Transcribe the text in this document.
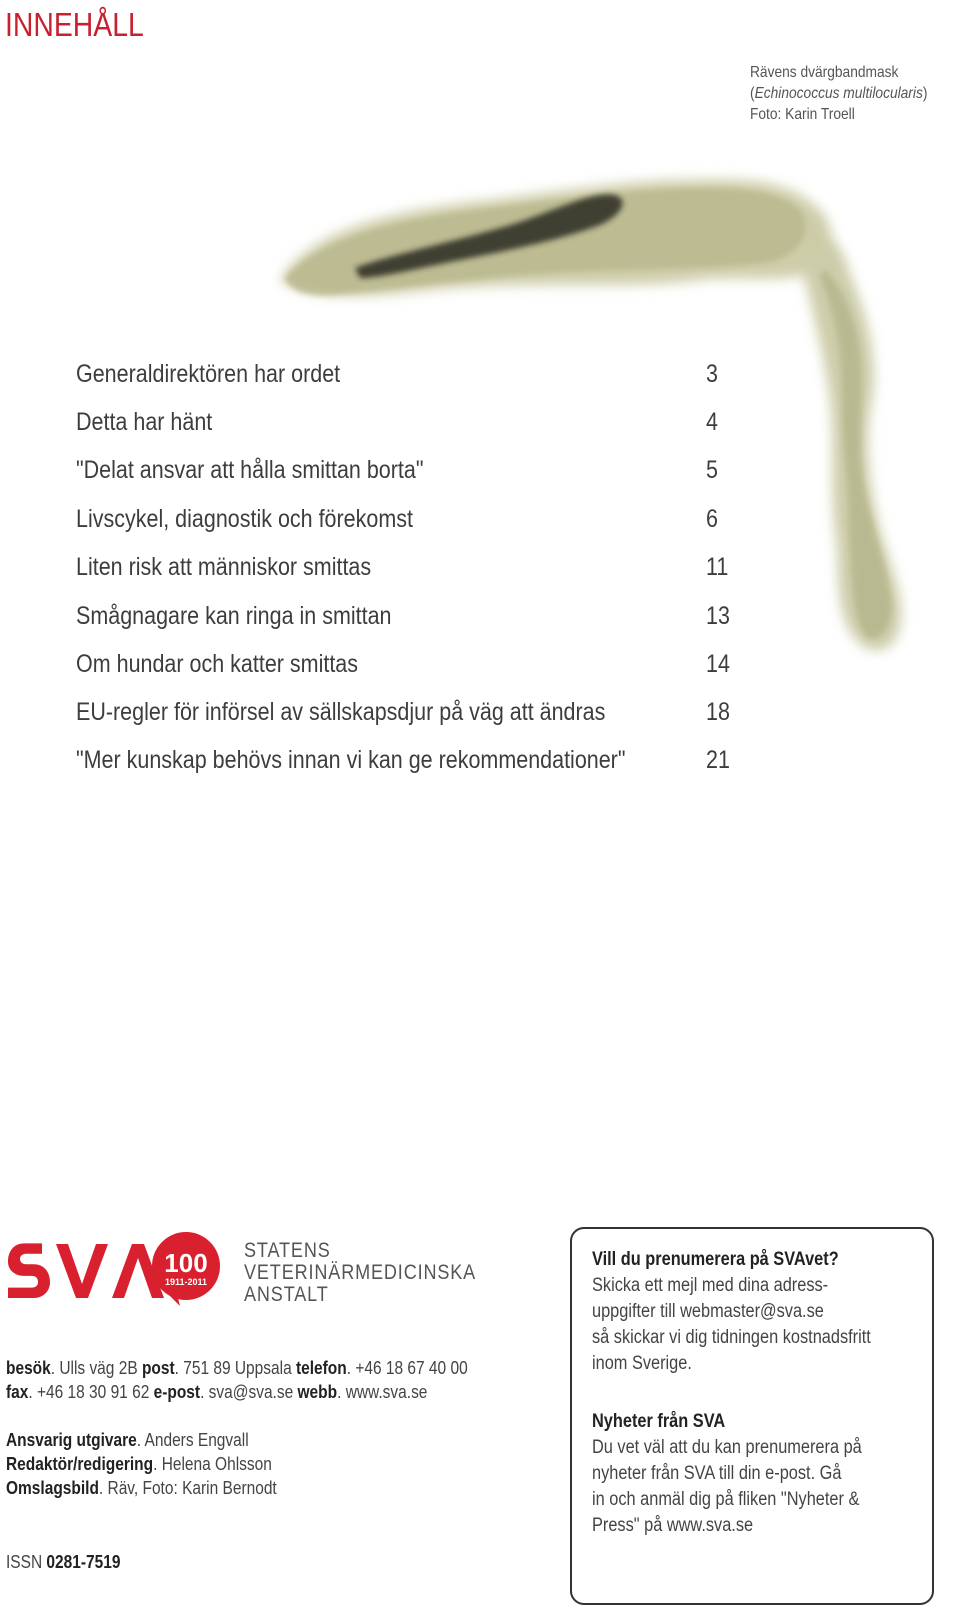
INNEHÅLL
Rävens dvärgbandmask
(Echinococcus multilocularis)
Foto: Karin Troell
Generaldirektören har ordet	3
Detta har hänt	4
"Delat ansvar att hålla smittan borta"	5
Livscykel, diagnostik och förekomst	6
Liten risk att människor smittas	11
Smågnagare kan ringa in smittan	13
Om hundar och katter smittas	14
EU-regler för införsel av sällskapsdjur på väg att ändras	18
"Mer kunskap behövs innan vi kan ge rekommendationer"	21
100
1911-2011
STATENS
VETERINÄRMEDICINSKA
ANSTALT
besök. Ulls väg 2B post. 751 89 Uppsala telefon. +46 18 67 40 00
fax. +46 18 30 91 62 e-post. sva@sva.se webb. www.sva.se
Ansvarig utgivare. Anders Engvall
Redaktör/redigering. Helena Ohlsson
Omslagsbild. Räv, Foto: Karin Bernodt
ISSN 0281-7519
Vill du prenumerera på SVAvet?
Skicka ett mejl med dina adress-
uppgifter till webmaster@sva.se
så skickar vi dig tidningen kostnadsfritt
inom Sverige.
Nyheter från SVA
Du vet väl att du kan prenumerera på
nyheter från SVA till din e-post. Gå
in och anmäl dig på fliken "Nyheter &
Press" på www.sva.se
